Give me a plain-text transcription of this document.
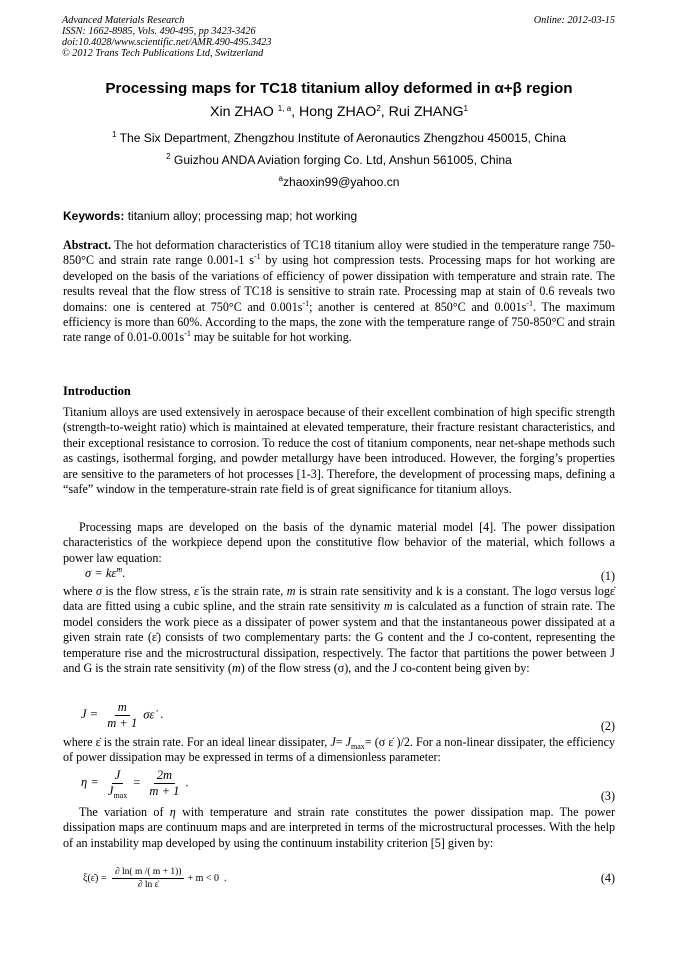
Advanced Materials Research
ISSN: 1662-8985, Vols. 490-495, pp 3423-3426
doi:10.4028/www.scientific.net/AMR.490-495.3423
© 2012 Trans Tech Publications Ltd, Switzerland
Online: 2012-03-15
Processing maps for TC18 titanium alloy deformed in α+β region
Xin ZHAO $^{1, a}$, Hong ZHAO$^2$, Rui ZHANG$^1$
$^1$ The Six Department, Zhengzhou Institute of Aeronautics Zhengzhou 450015, China
$^2$ Guizhou ANDA Aviation forging Co. Ltd, Anshun 561005, China
$^a$zhaoxin99@yahoo.cn
Keywords: titanium alloy; processing map; hot working
Abstract. The hot deformation characteristics of TC18 titanium alloy were studied in the temperature range 750-850°C and strain rate range 0.001-1 $s^{-1}$ by using hot compression tests. Processing maps for hot working are developed on the basis of the variations of efficiency of power dissipation with temperature and strain rate. The results reveal that the flow stress of TC18 is sensitive to strain rate. Processing map at stain of 0.6 reveals two domains: one is centered at 750°C and $0.001s^{-1}$; another is centered at 850°C and $0.001s^{-1}$. The maximum efficiency is more than 60%. According to the maps, the zone with the temperature range of 750-850°C and strain rate range of $0.01-0.001s^{-1}$ may be suitable for hot working.
Introduction
Titanium alloys are used extensively in aerospace because of their excellent combination of high specific strength (strength-to-weight ratio) which is maintained at elevated temperature, their fracture resistant characteristics, and their exceptional resistance to corrosion. To reduce the cost of titanium components, near net-shape methods such as castings, isothermal forging, and powder metallurgy have been introduced. However, the forging’s properties are sensitive to the parameters of hot processes [1-3]. Therefore, the development of processing maps, defining a “safe” window in the temperature-strain rate field is of great significance for titanium alloys.
Processing maps are developed on the basis of the dynamic material model [4]. The power dissipation characteristics of the workpiece depend upon the constitutive flow behavior of the material, which follows a power law equation:
σ = kε̇$^m$.	(1)
where σ is the flow stress, ε̇ is the strain rate, m is strain rate sensitivity and k is a constant. The logσ versus logε̇ data are fitted using a cubic spline, and the strain rate sensitivity m is calculated as a function of strain rate. The model considers the work piece as a dissipater of power system and that the instantaneous power dissipated at a given strain rate (ε̇) consists of two complementary parts: the G content and the J co-content, representing the temperature rise and the microstructural dissipation, respectively. The factor that partitions the power between J and G is the strain rate sensitivity (m) of the flow stress (σ), and the J co-content being given by:
$J = \frac{m}{m + 1}$ σε̇ .
(2)
where ε̇ is the strain rate. For an ideal linear dissipater, $J= J_{max}= (\sigma$ ε̇ )/2. For a non-linear dissipater, the efficiency of power dissipation may be expressed in terms of a dimensionless parameter:
$\eta = \frac{J}{J_{max}} = \frac{2m}{m + 1}$ .
(3)
The variation of η with temperature and strain rate constitutes the power dissipation map. The power dissipation maps are continuum maps and are interpreted in terms of the microstructural processes. With the help of an instability map developed by using the continuum instability criterion [5] given by:
ξ(ε̇) = $\frac{\partial \ln( m /( m + 1))}{\text{∂ ln ε̇}} + m < 0$ .	(4)
